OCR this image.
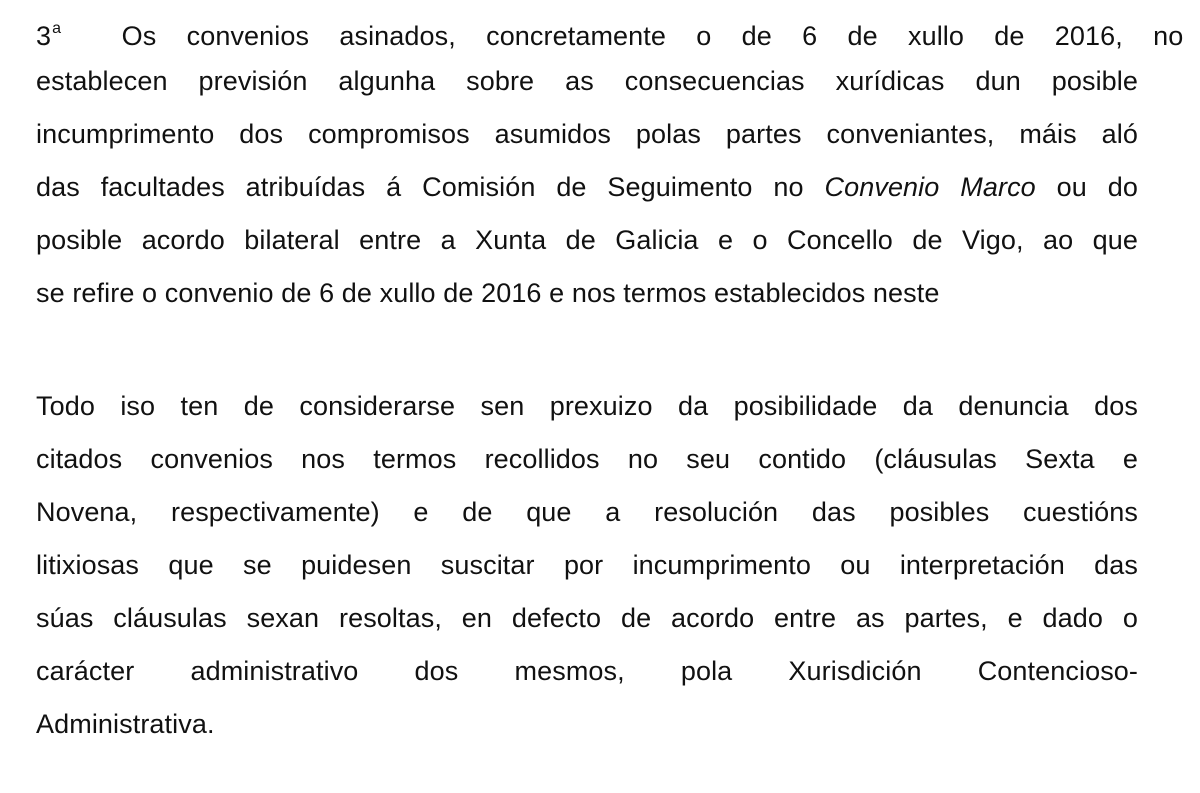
3$^a$ Os convenios asinados, concretamente o de 6 de xullo de 2016, no
establecen previsión algunha sobre as consecuencias xurídicas dun posible
incumprimento dos compromisos asumidos polas partes conveniantes, máis aló
das facultades atribuídas á Comisión de Seguimento no Convenio Marco ou do
posible acordo bilateral entre a Xunta de Galicia e o Concello de Vigo, ao que
se refire o convenio de 6 de xullo de 2016 e nos termos establecidos neste
Todo iso ten de considerarse sen prexuizo da posibilidade da denuncia dos
citados convenios nos termos recollidos no seu contido (cláusulas Sexta e
Novena, respectivamente) e de que a resolución das posibles cuestións
litixiosas que se puidesen suscitar por incumprimento ou interpretación das
súas cláusulas sexan resoltas, en defecto de acordo entre as partes, e dado o
carácter administrativo dos mesmos, pola Xurisdición Contencioso-
Administrativa.
